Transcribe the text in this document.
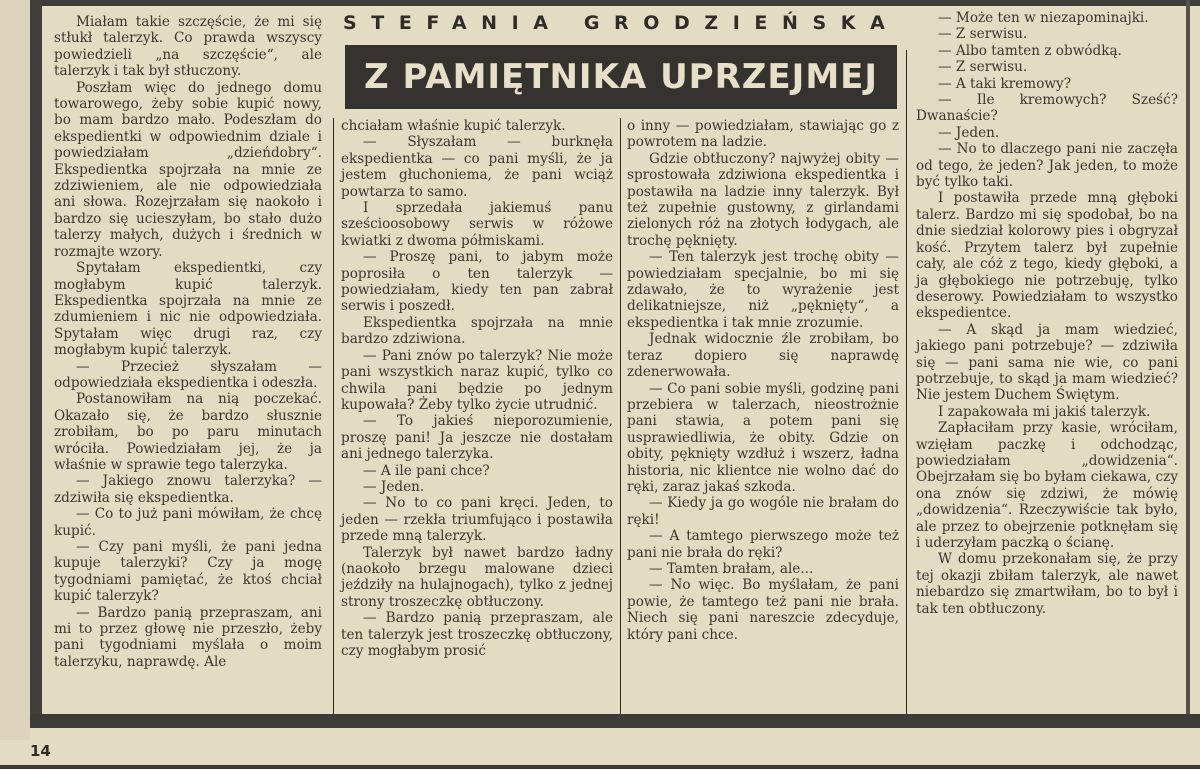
STEFANIA GRODZIEŃSKA
Z PAMIĘTNIKA UPRZEJMEJ

Miałam takie szczęście, że mi się stłukł talerzyk. Co prawda wszyscy powiedzieli „na szczęście“, ale talerzyk i tak był stłuczony.

Poszłam więc do jednego domu towarowego, żeby sobie kupić nowy, bo mam bardzo mało. Podeszłam do ekspedientki w odpowiednim dziale i powiedziałam „dzieńdobry“. Ekspedientka spojrzała na mnie ze zdziwieniem, ale nie odpowiedziała ani słowa. Rozejrzałam się naokoło i bardzo się ucieszyłam, bo stało dużo talerzy małych, dużych i średnich w rozmajte wzory.

Spytałam ekspedientki, czy mogłabym kupić talerzyk. Ekspedientka spojrzała na mnie ze zdumieniem i nic nie odpowiedziała. Spytałam więc drugi raz, czy mogłabym kupić talerzyk.

— Przecież słyszałam — odpowiedziała ekspedientka i odeszła.

Postanowiłam na nią poczekać. Okazało się, że bardzo słusznie zrobiłam, bo po paru minutach wróciła. Powiedziałam jej, że ja właśnie w sprawie tego talerzyka.

— Jakiego znowu talerzyka? — zdziwiła się ekspedientka.

— Co to już pani mówiłam, że chcę kupić.

— Czy pani myśli, że pani jedna kupuje talerzyki? Czy ja mogę tygodniami pamiętać, że ktoś chciał kupić talerzyk?

— Bardzo panią przepraszam, ani mi to przez głowę nie przeszło, żeby pani tygodniami myślała o moim talerzyku, naprawdę. Ale

chciałam właśnie kupić talerzyk.

— Słyszałam — burknęła ekspedientka — co pani myśli, że ja jestem głuchoniema, że pani wciąż powtarza to samo.

I sprzedała jakiemuś panu sześcioosobowy serwis w różowe kwiatki z dwoma półmiskami.

— Proszę pani, to jabym może poprosiła o ten talerzyk — powiedziałam, kiedy ten pan zabrał serwis i poszedł.

Ekspedientka spojrzała na mnie bardzo zdziwiona.

— Pani znów po talerzyk? Nie może pani wszystkich naraz kupić, tylko co chwila pani będzie po jednym kupowała? Żeby tylko życie utrudnić.

— To jakieś nieporozumienie, proszę pani! Ja jeszcze nie dostałam ani jednego talerzyka.

— A ile pani chce?

— Jeden.

— No to co pani kręci. Jeden, to jeden — rzekła triumfująco i postawiła przede mną talerzyk.

Talerzyk był nawet bardzo ładny (naokoło brzegu malowane dzieci jeździły na hulajnogach), tylko z jednej strony troszeczkę obtłuczony.

— Bardzo panią przepraszam, ale ten talerzyk jest troszeczkę obtłuczony, czy mogłabym prosić

o inny — powiedziałam, stawiając go z powrotem na ladzie.

Gdzie obtłuczony? najwyżej obity — sprostowała zdziwiona ekspedientka i postawiła na ladzie inny talerzyk. Był też zupełnie gustowny, z girlandami zielonych róż na złotych łodygach, ale trochę pęknięty.

— Ten talerzyk jest trochę obity — powiedziałam specjalnie, bo mi się zdawało, że to wyrażenie jest delikatniejsze, niż „pęknięty“, a ekspedientka i tak mnie zrozumie.

Jednak widocznie źle zrobiłam, bo teraz dopiero się naprawdę zdenerwowała.

— Co pani sobie myśli, godzinę pani przebiera w talerzach, nieostrożnie pani stawia, a potem pani się usprawiedliwia, że obity. Gdzie on obity, pęknięty wzdłuż i wszerz, ładna historia, nic klientce nie wolno dać do ręki, zaraz jakaś szkoda.

— Kiedy ja go wogóle nie brałam do ręki!

— A tamtego pierwszego może też pani nie brała do ręki?

— Tamten brałam, ale...

— No więc. Bo myślałam, że pani powie, że tamtego też pani nie brała. Niech się pani nareszcie zdecyduje, który pani chce.

— Może ten w niezapominajki.

— Z serwisu.

— Albo tamten z obwódką.

— Z serwisu.

— A taki kremowy?

— Ile kremowych? Sześć? Dwanaście?

— Jeden.

— No to dlaczego pani nie zaczęła od tego, że jeden? Jak jeden, to może być tylko taki.

I postawiła przede mną głęboki talerz. Bardzo mi się spodobał, bo na dnie siedział kolorowy pies i obgryzał kość. Przytem talerz był zupełnie cały, ale cóż z tego, kiedy głęboki, a ja głębokiego nie potrzebuję, tylko deserowy. Powiedziałam to wszystko ekspedientce.

— A skąd ja mam wiedzieć, jakiego pani potrzebuje? — zdziwiła się — pani sama nie wie, co pani potrzebuje, to skąd ja mam wiedzieć? Nie jestem Duchem Świętym.

I zapakowała mi jakiś talerzyk.

Zapłaciłam przy kasie, wróciłam, wzięłam paczkę i odchodząc, powiedziałam „dowidzenia“. Obejrzałam się bo byłam ciekawa, czy ona znów się zdziwi, że mówię „dowidzenia“. Rzeczywiście tak było, ale przez to obejrzenie potknęłam się i uderzyłam paczką o ścianę.

W domu przekonałam się, że przy tej okazji zbiłam talerzyk, ale nawet niebardzo się zmartwiłam, bo to był i tak ten obtłuczony.

14
